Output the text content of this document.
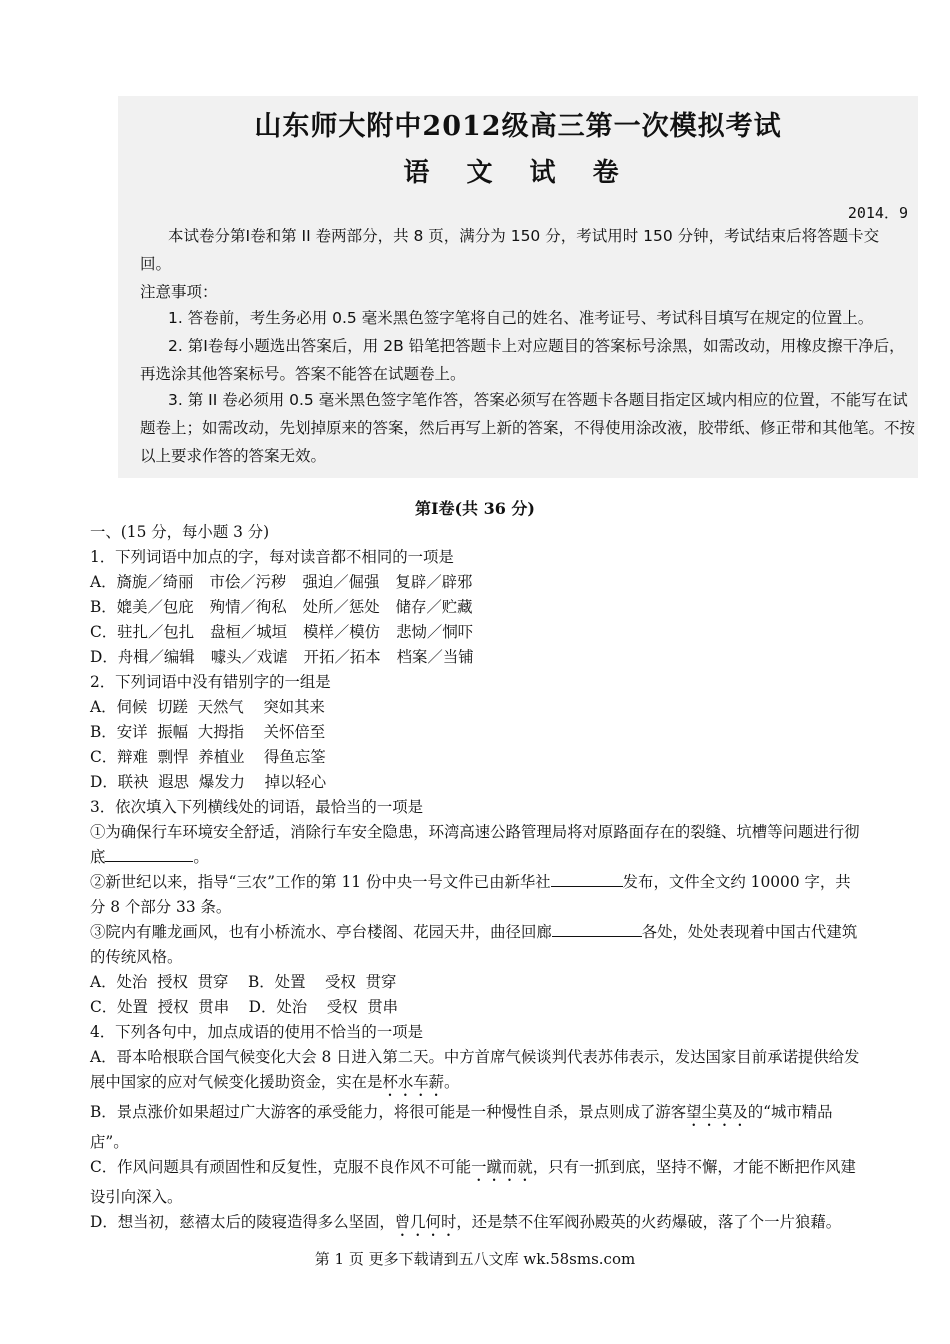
山东师大附中2012级高三第一次模拟考试
语 文 试 卷
2014．9

本试卷分第Ⅰ卷和第 II 卷两部分，共 8 页，满分为 150 分，考试用时 150 分钟，考试结束后将答题卡交回。

注意事项：

1. 答卷前，考生务必用 0.5 毫米黑色签字笔将自己的姓名、准考证号、考试科目填写在规定的位置上。

2. 第Ⅰ卷每小题选出答案后，用 2B 铅笔把答题卡上对应题目的答案标号涂黑，如需改动，用橡皮擦干净后，再选涂其他答案标号。答案不能答在试题卷上。

3. 第 II 卷必须用 0.5 毫米黑色签字笔作答，答案必须写在答题卡各题目指定区域内相应的位置，不能写在试题卷上；如需改动，先划掉原来的答案，然后再写上新的答案，不得使用涂改液，胶带纸、修正带和其他笔。不按以上要求作答的答案无效。

第Ⅰ卷(共 36 分)
一、(15 分，每小题 3 分)
1．下列词语中加点的字，每对读音都不相同的一项是
A．旖旎／绮丽 市侩／污秽 强迫／倔强 复辟／辟邪
B．媲美／包庇 殉情／徇私 处所／惩处 储存／贮藏
C．驻扎／包扎 盘桓／城垣 模样／模仿 悲恸／恫吓
D．舟楫／编辑 噱头／戏谑 开拓／拓本 档案／当铺
2．下列词语中没有错别字的一组是
A．伺候  切蹉  天然气    突如其来
B．安详  振幅  大拇指    关怀倍至
C．辩难  剽悍  养植业    得鱼忘筌
D．联袂  遐思  爆发力    掉以轻心
3．依次填入下列横线处的词语，最恰当的一项是
①为确保行车环境安全舒适，消除行车安全隐患，环湾高速公路管理局将对原路面存在的裂缝、坑槽等问题进行彻底	。
②新世纪以来，指导“三农”工作的第 11 份中央一号文件已由新华社	发布，文件全文约 10000 字，共分 8 个部分 33 条。
③院内有雕龙画风，也有小桥流水、亭台楼阁、花园天井，曲径回廊	各处，处处表现着中国古代建筑的传统风格。
A．处治  授权  贯穿    B．处置    受权  贯穿
C．处置  授权  贯串    D．处治    受权  贯串
4．下列各句中，加点成语的使用不恰当的一项是
A．哥本哈根联合国气候变化大会 8 日进入第二天。中方首席气候谈判代表苏伟表示，发达国家目前承诺提供给发展中国家的应对气候变化援助资金，实在是杯水车薪。
B．景点涨价如果超过广大游客的承受能力，将很可能是一种慢性自杀，景点则成了游客望尘莫及的“城市精品店”。
C．作风问题具有顽固性和反复性，克服不良作风不可能一蹴而就，只有一抓到底，坚持不懈，才能不断把作风建设引向深入。
D．想当初，慈禧太后的陵寝造得多么坚固，曾几何时，还是禁不住军阀孙殿英的火药爆破，落了个一片狼藉。
第 1 页 更多下载请到五八文库 wk.58sms.com
